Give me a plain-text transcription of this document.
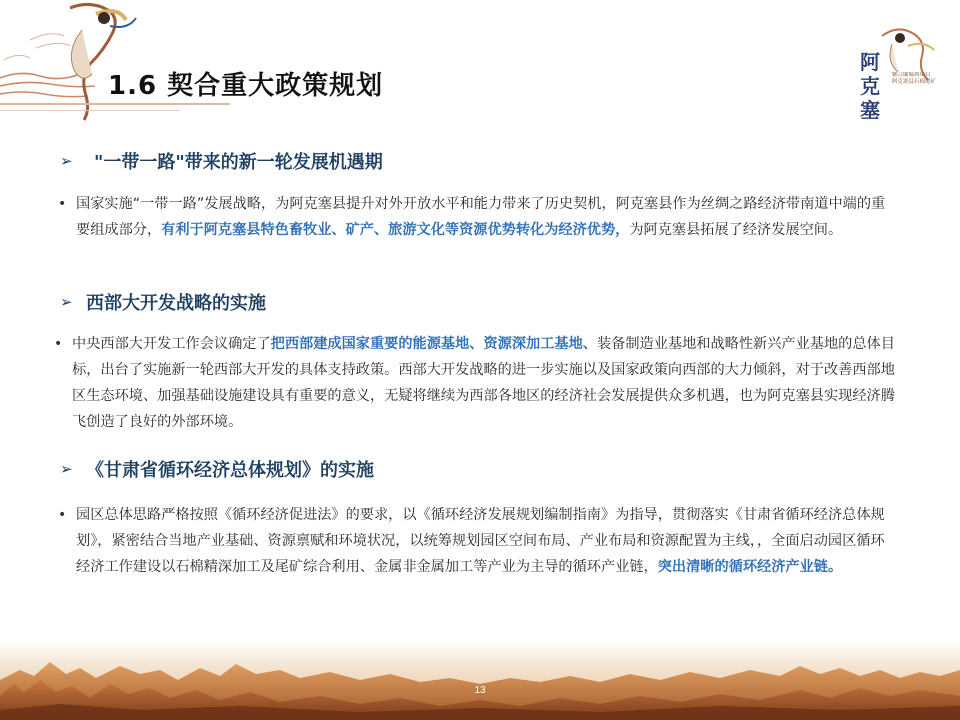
1.6 契合重大政策规划
阿克塞
魅合蘭縣刹項目 阿克塞县石棉尾矿
➢	"一带一路"带来的新一轮发展机遇期
• 国家实施“一带一路”发展战略，为阿克塞县提升对外开放水平和能力带来了历史契机，阿克塞县作为丝绸之路经济带南道中端的重要组成部分，有利于阿克塞县特色畜牧业、矿产、旅游文化等资源优势转化为经济优势，为阿克塞县拓展了经济发展空间。

➢ 西部大开发战略的实施
• 中央西部大开发工作会议确定了把西部建成国家重要的能源基地、资源深加工基地、装备制造业基地和战略性新兴产业基地的总体目标，出台了实施新一轮西部大开发的具体支持政策。西部大开发战略的进一步实施以及国家政策向西部的大力倾斜，对于改善西部地区生态环境、加强基础设施建设具有重要的意义，无疑将继续为西部各地区的经济社会发展提供众多机遇，也为阿克塞县实现经济腾飞创造了良好的外部环境。

➢ 《甘肃省循环经济总体规划》的实施
• 园区总体思路严格按照《循环经济促进法》的要求，以《循环经济发展规划编制指南》为指导，贯彻落实《甘肃省循环经济总体规划》，紧密结合当地产业基础、资源禀赋和环境状况，以统筹规划园区空间布局、产业布局和资源配置为主线，，全面启动园区循环经济工作建设以石棉精深加工及尾矿综合利用、金属非金属加工等产业为主导的循环产业链，突出清晰的循环经济产业链。

13
